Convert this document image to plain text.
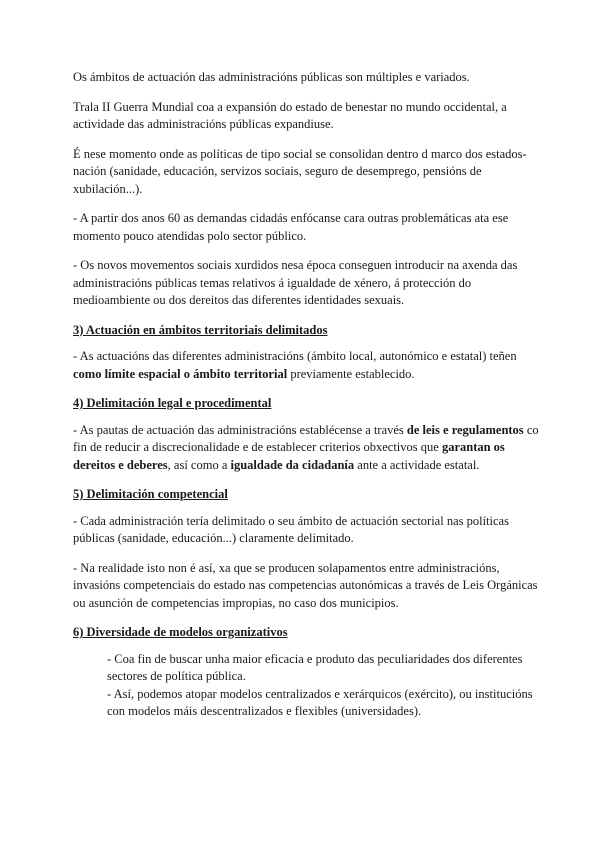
Os ámbitos de actuación das administracións públicas son múltiples e variados.

Trala II Guerra Mundial coa a expansión do estado de benestar no mundo occidental, a actividade das administracións públicas expandiuse.

É nese momento onde as políticas de tipo social se consolidan dentro d marco dos estados-nación (sanidade, educación, servizos sociais, seguro de desemprego, pensións de xubilación...).

- A partir dos anos 60 as demandas cidadás enfócanse cara outras problemáticas ata ese momento pouco atendidas polo sector público.

- Os novos movementos sociais xurdidos nesa época conseguen introducir na axenda das administracións públicas temas relativos á igualdade de xénero, á protección do medioambiente ou dos dereitos das diferentes identidades sexuais.

3) Actuación en ámbitos territoriais delimitados

- As actuacións das diferentes administracións (ámbito local, autonómico e estatal) teñen como límite espacial o ámbito territorial previamente establecido.

4) Delimitación legal e procedimental

- As pautas de actuación das administracións establécense a través de leis e regulamentos co fin de reducir a discrecionalidade e de establecer criterios obxectivos que garantan os dereitos e deberes, así como a igualdade da cidadanía ante a actividade estatal.

5) Delimitación competencial

- Cada administración tería delimitado o seu ámbito de actuación sectorial nas políticas públicas (sanidade, educación...) claramente delimitado.

- Na realidade isto non é así, xa que se producen solapamentos entre administracións, invasións competenciais do estado nas competencias autonómicas a través de Leis Orgánicas ou asunción de competencias impropias, no caso dos municipios.

6) Diversidade de modelos organizativos

- Coa fin de buscar unha maior eficacia e produto das peculiaridades dos diferentes sectores de política pública.

- Así, podemos atopar modelos centralizados e xerárquicos (exército), ou institucións con modelos máis descentralizados e flexibles (universidades).
